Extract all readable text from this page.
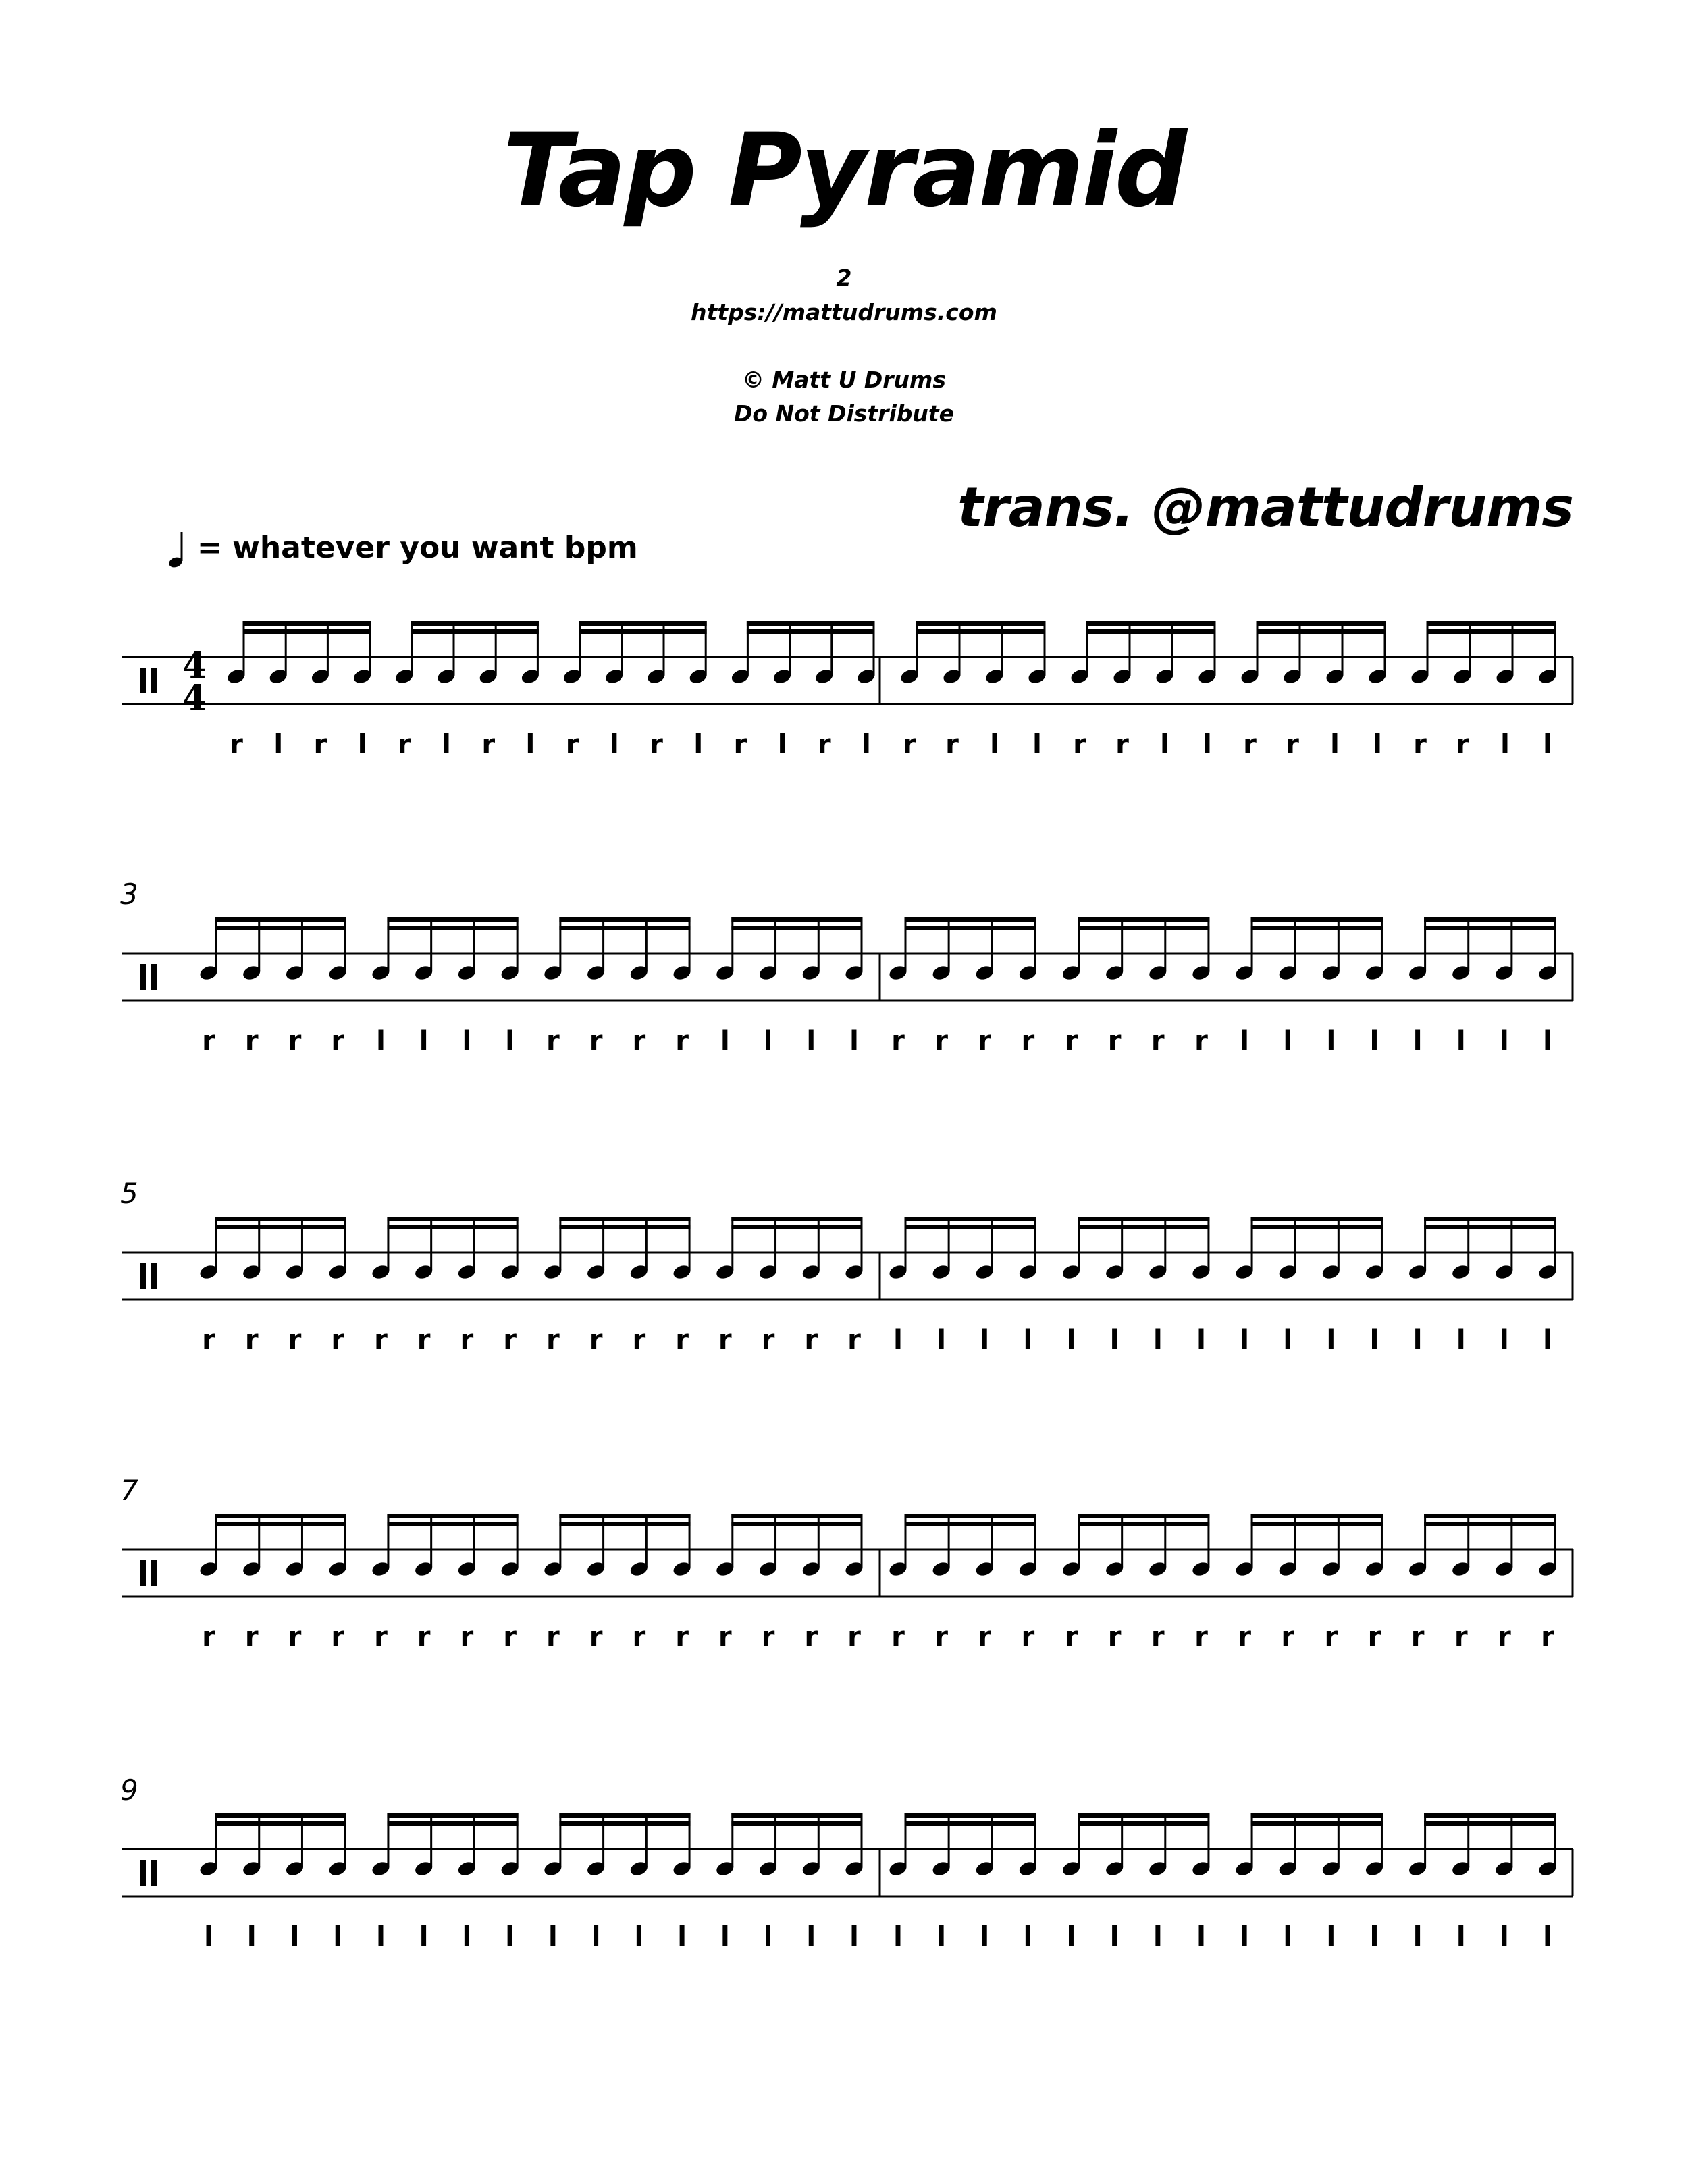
4
4
r l r l r l r l r l r l r l r l r r l l r r l l r r l l r r l l
3
r r r r l l l l r r r r l l l l r r r r r r r r l l l l l l l l
5
r r r r r r r r r r r r r r r r l l l l l l l l l l l l l l l l
7
r r r r r r r r r r r r r r r r r r r r r r r r r r r r r r r r
9
l l l l l l l l l l l l l l l l l l l l l l l l l l l l l l l l
Tap Pyramid
2
https://mattudrums.com
© Matt U Drums
Do Not Distribute
trans. @mattudrums
= whatever you want bpm
